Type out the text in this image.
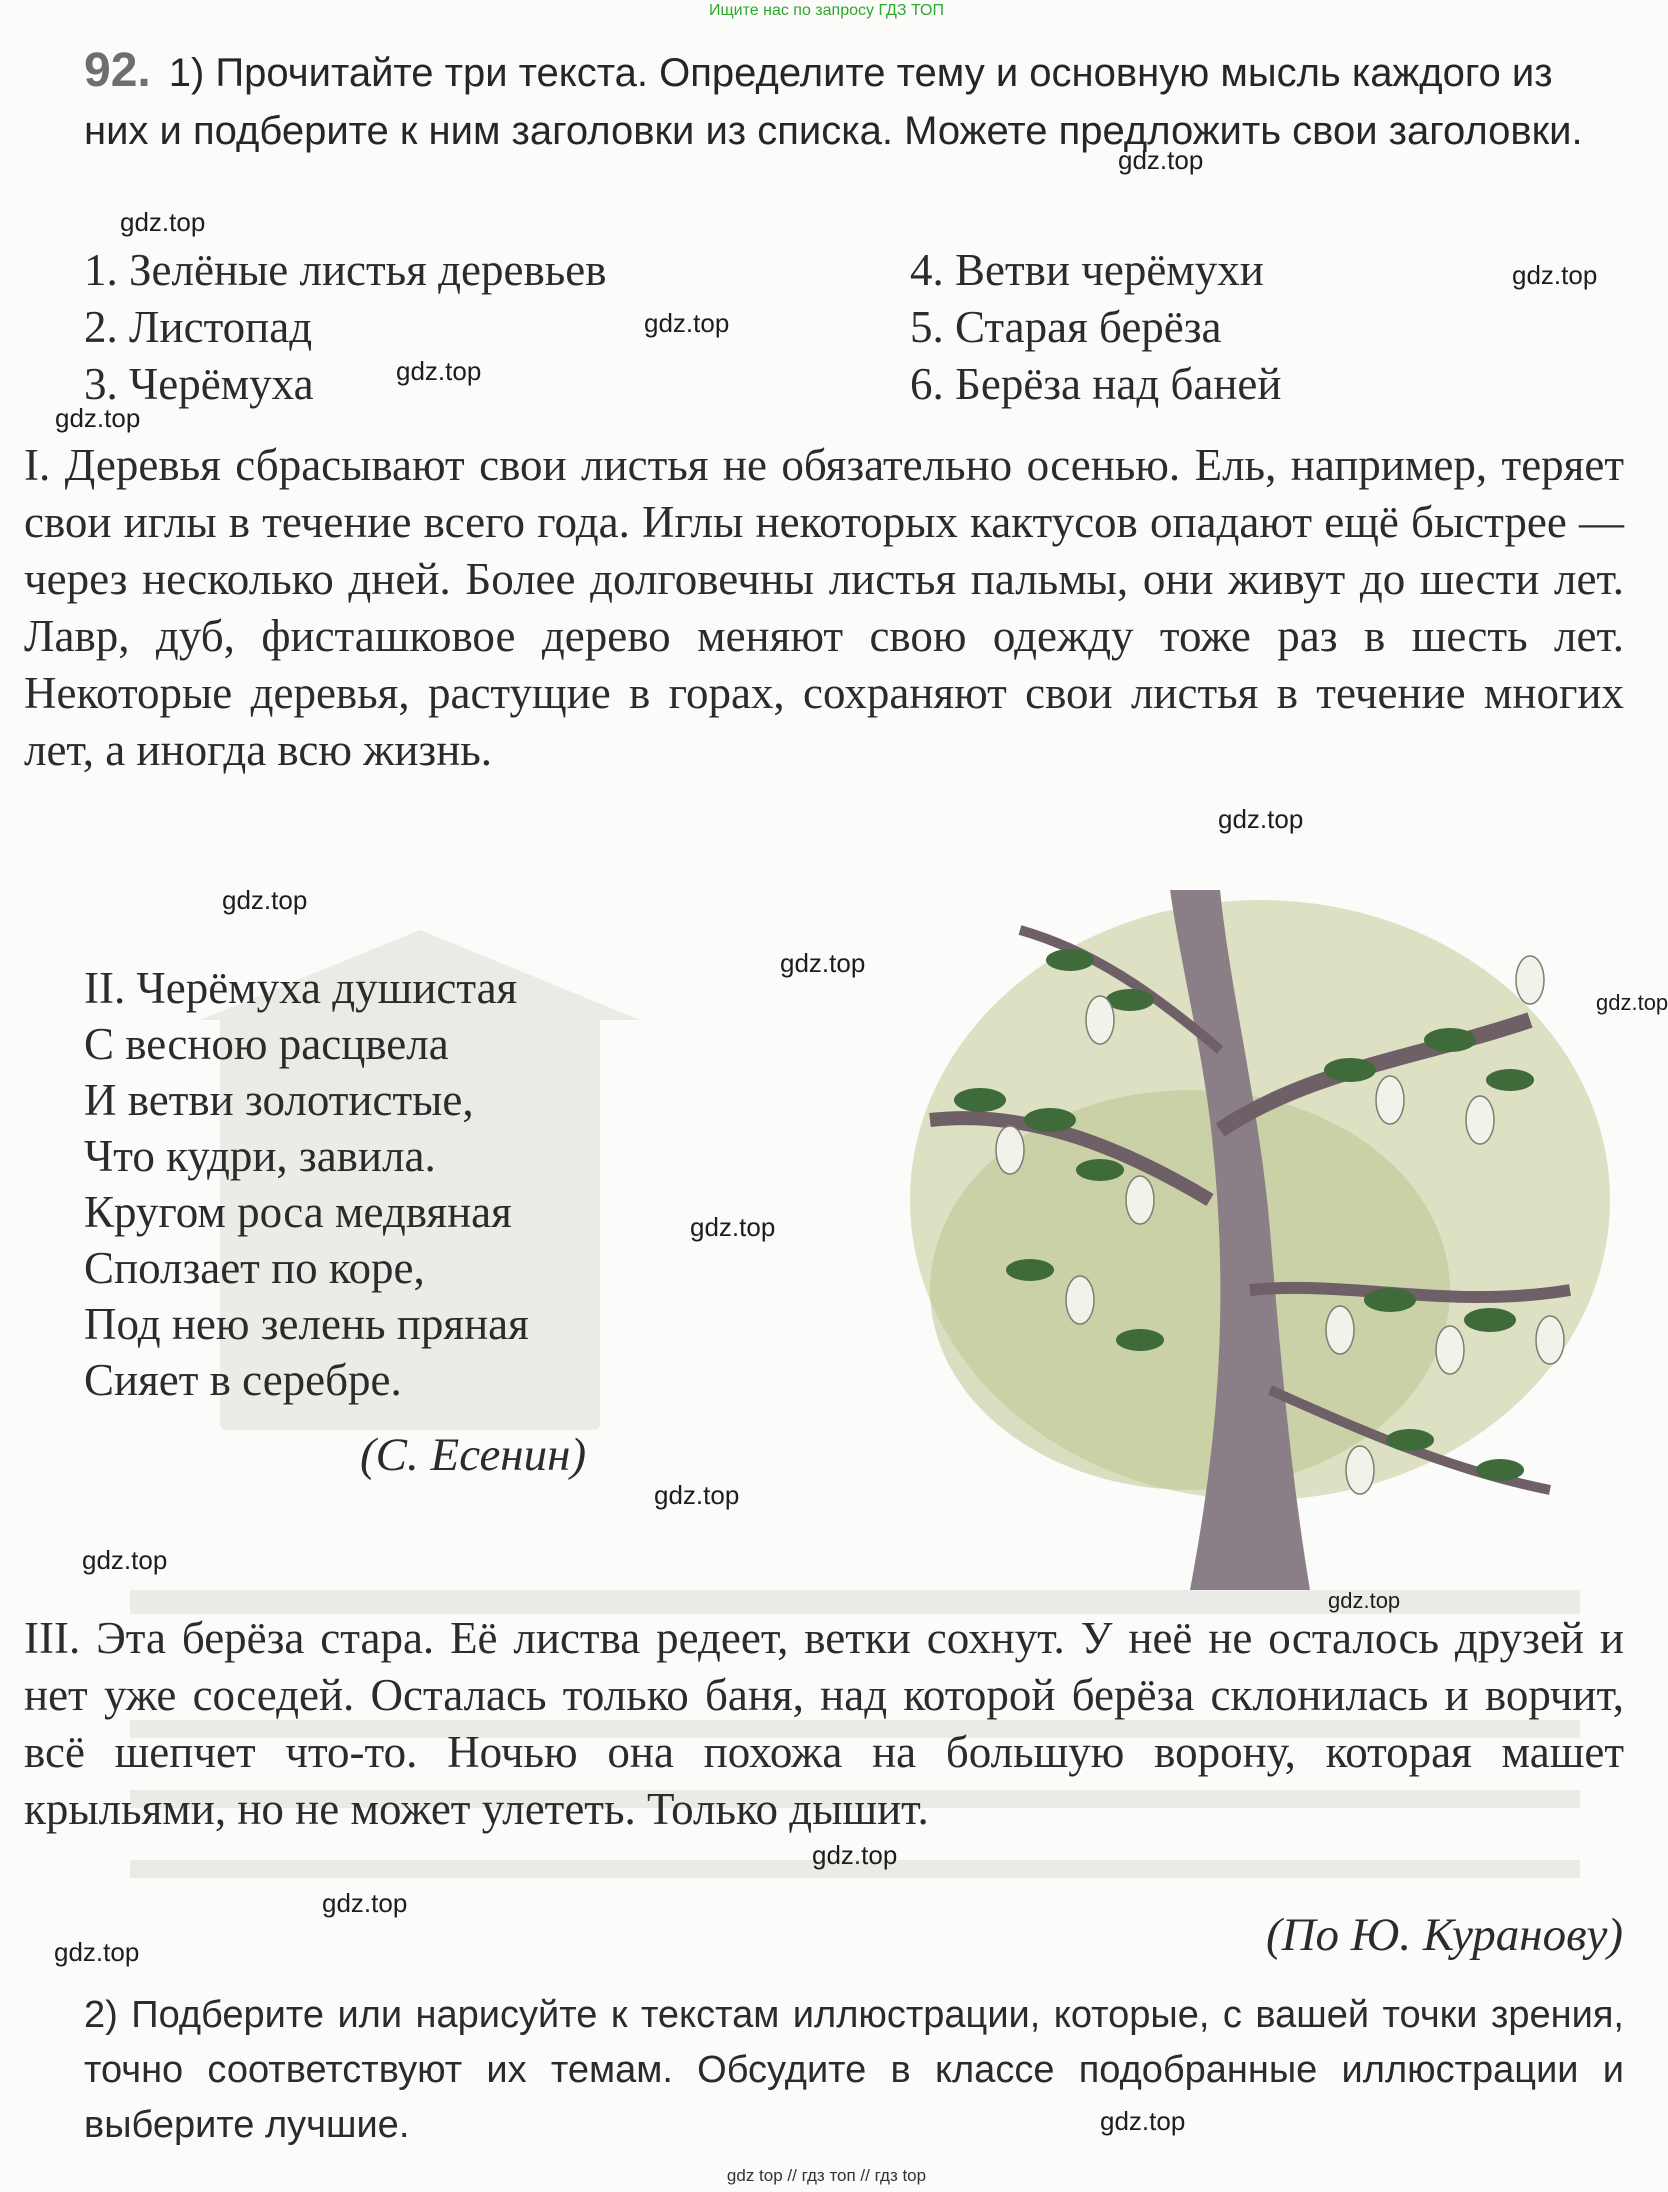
Ищите нас по запросу ГДЗ ТОП
92. 1) Прочитайте три текста. Определите тему и основную мысль каждого из них и подберите к ним заголовки из списка. Можете предложить свои заголовки.
1. Зелёные листья деревьев
2. Листопад
3. Черёмуха
4. Ветви черёмухи
5. Старая берёза
6. Берёза над баней
I. Деревья сбрасывают свои листья не обязательно осенью. Ель, например, теряет свои иглы в течение всего года. Иглы некоторых кактусов опадают ещё быстрее — через несколько дней. Более долговечны листья пальмы, они живут до шести лет. Лавр, дуб, фисташковое дерево меняют свою одежду тоже раз в шесть лет. Некоторые деревья, растущие в горах, сохраняют свои листья в течение многих лет, а иногда всю жизнь.
II. Черёмуха душистая
С весною расцвела
И ветви золотистые,
Что кудри, завила.
Кругом роса медвяная
Сползает по коре,
Под нею зелень пряная
Сияет в серебре.
(С. Есенин)
III. Эта берёза стара. Её листва редеет, ветки сохнут. У неё не осталось друзей и нет уже соседей. Осталась только баня, над которой берёза склонилась и ворчит, всё шепчет что-то. Ночью она похожа на большую ворону, которая машет крыльями, но не может улететь. Только дышит.
(По Ю. Куранову)
2) Подберите или нарисуйте к текстам иллюстрации, которые, с вашей точки зрения, точно соответствуют их темам. Обсудите в классе подобранные иллюстрации и выберите лучшие.
gdz.top
gdz.top
gdz.top
gdz.top
gdz.top
gdz.top
gdz.top
gdz.top
gdz.top
gdz.top
gdz.top
gdz.top
gdz.top
gdz.top
gdz.top
gdz.top
gdz.top
gdz.top
gdz top // гдз топ // гдз top
